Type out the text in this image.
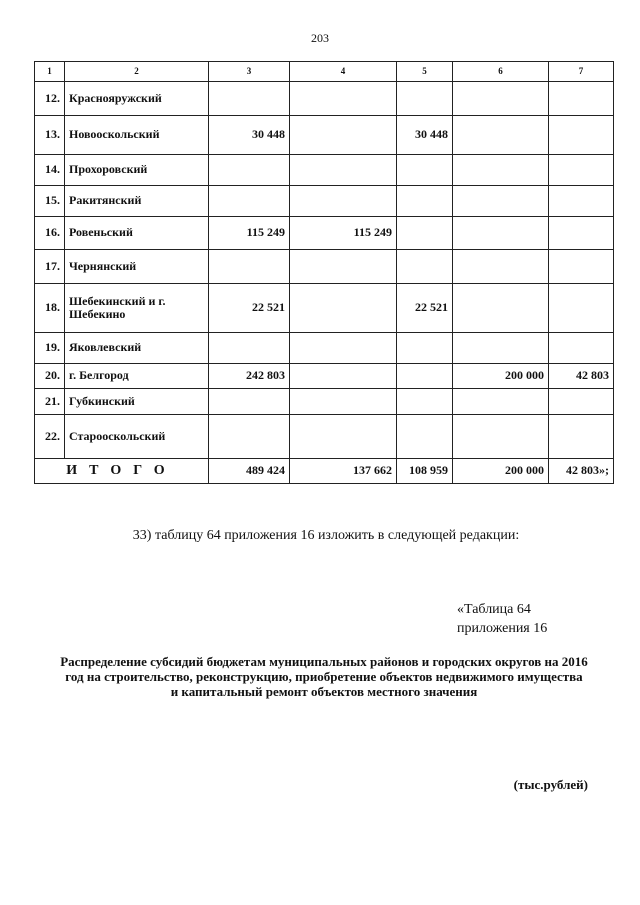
203
1	2	3	4	5	6	7
12.	Краснояружский					
13.	Новооскольский	30 448		30 448		
14.	Прохоровский					
15.	Ракитянский					
16.	Ровеньский	115 249	115 249			
17.	Чернянский					
18.	Шебекинский и г. Шебекино	22 521		22 521		
19.	Яковлевский					
20.	г. Белгород	242 803			200 000	42 803
21.	Губкинский					
22.	Старооскольский					
ИТОГО		489 424	137 662	108 959	200 000	42 803»;
33) таблицу 64 приложения 16 изложить в следующей редакции:
«Таблица 64
приложения 16
Распределение субсидий бюджетам муниципальных районов и городских округов на 2016 год на строительство, реконструкцию, приобретение объектов недвижимого имущества и капитальный ремонт объектов местного значения
(тыс.рублей)
